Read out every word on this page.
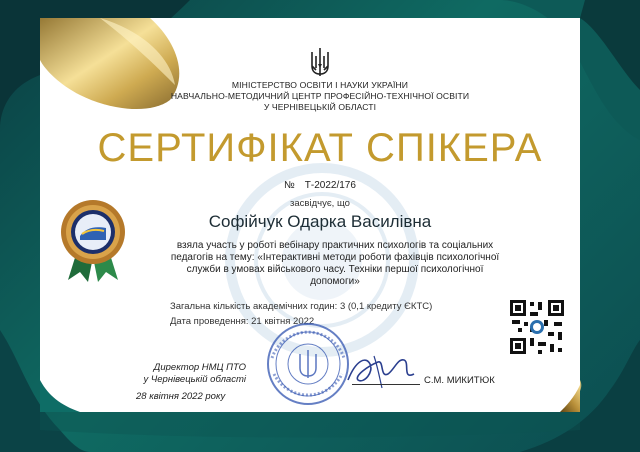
МІНІСТЕРСТВО ОСВІТИ І НАУКИ УКРАЇНИ
НАВЧАЛЬНО-МЕТОДИЧНИЙ ЦЕНТР ПРОФЕСІЙНО-ТЕХНІЧНОЇ ОСВІТИ
У ЧЕРНІВЕЦЬКІЙ ОБЛАСТІ
СЕРТИФІКАТ СПІКЕРА
№ Т-2022/176
засвідчує, що
Софійчук Одарка Василівна
взяла участь у роботі вебінару практичних психологів та соціальних
педагогів на тему: «Інтерактивні методи роботи фахівців психологічної
служби в умовах військового часу. Техніки першої психологічної
допомоги»
Загальна кількість академічних годин: 3 (0,1 кредиту ЄКТС)
Дата проведення: 21 квітня 2022
Директор НМЦ ПТО
у Чернівецькій області
28 квітня 2022 року
С.М. МИКИТЮК
